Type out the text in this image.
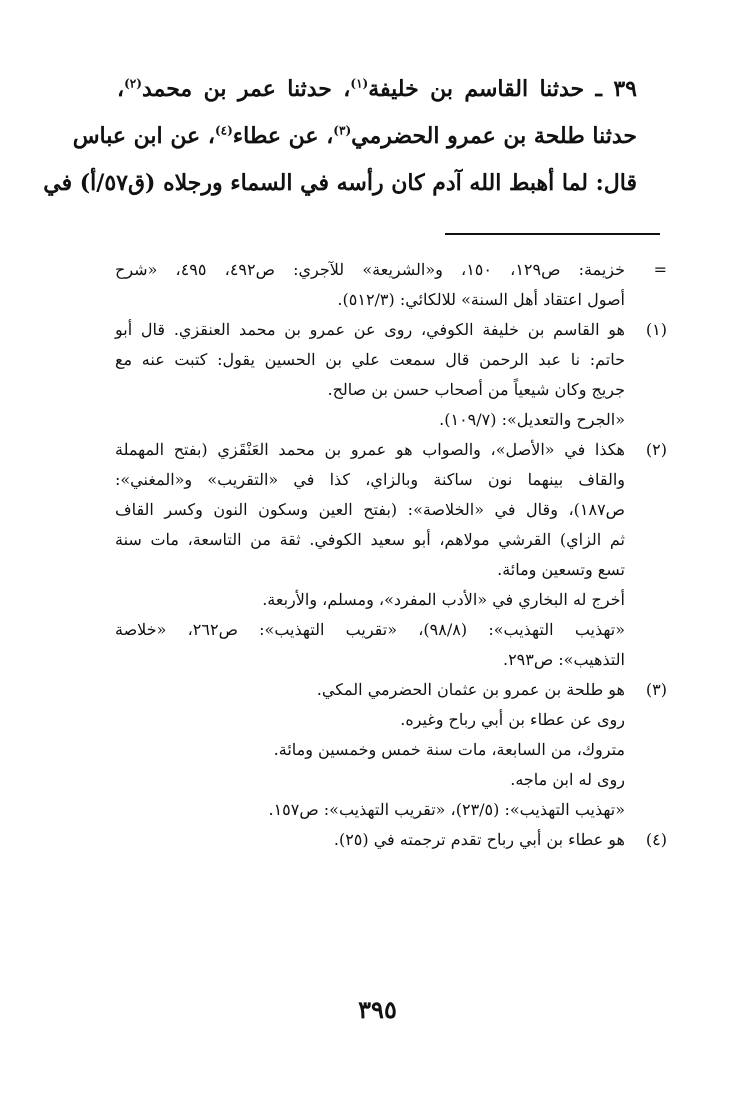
٣٩ ـ حدثنا القاسم بن خليفة$^{(١)}$، حدثنا عمر بن محمد$^{(٢)}$،
حدثنا طلحة بن عمرو الحضرمي$^{(٣)}$، عن عطاء$^{(٤)}$، عن ابن عباس
قال: لما أهبط الله آدم كان رأسه في السماء ورجلاه (ق٥٧/أ) في
=
خزيمة: ص١٢٩، ١٥٠، و«الشريعة» للآجري: ص٤٩٢، ٤٩٥، «شرح
أصول اعتقاد أهل السنة» للالكائي: (٥١٢/٣).
(١)
هو القاسم بن خليفة الكوفي، روى عن عمرو بن محمد العنقزي. قال أبو
حاتم: نا عبد الرحمن قال سمعت علي بن الحسين يقول: كتبت عنه مع
جريج وكان شيعياً من أصحاب حسن بن صالح.
«الجرح والتعديل»: (١٠٩/٧).
(٢)
هكذا في «الأصل»، والصواب هو عمرو بن محمد العَنْقَزي (بفتح المهملة
والقاف بينهما نون ساكنة وبالزاي، كذا في «التقريب» و«المغني»:
ص١٨٧)، وقال في «الخلاصة»: (بفتح العين وسكون النون وكسر القاف
ثم الزاي) القرشي مولاهم، أبو سعيد الكوفي. ثقة من التاسعة، مات سنة
تسع وتسعين ومائة.
أخرج له البخاري في «الأدب المفرد»، ومسلم، والأربعة.
«تهذيب التهذيب»: (٩٨/٨)، «تقريب التهذيب»: ص٢٦٢، «خلاصة
التذهيب»: ص٢٩٣.
(٣)
هو طلحة بن عمرو بن عثمان الحضرمي المكي.
روى عن عطاء بن أبي رباح وغيره.
متروك، من السابعة، مات سنة خمس وخمسين ومائة.
روى له ابن ماجه.
«تهذيب التهذيب»: (٢٣/٥)، «تقريب التهذيب»: ص١٥٧.
(٤)
هو عطاء بن أبي رباح تقدم ترجمته في (٢٥).
٣٩٥
